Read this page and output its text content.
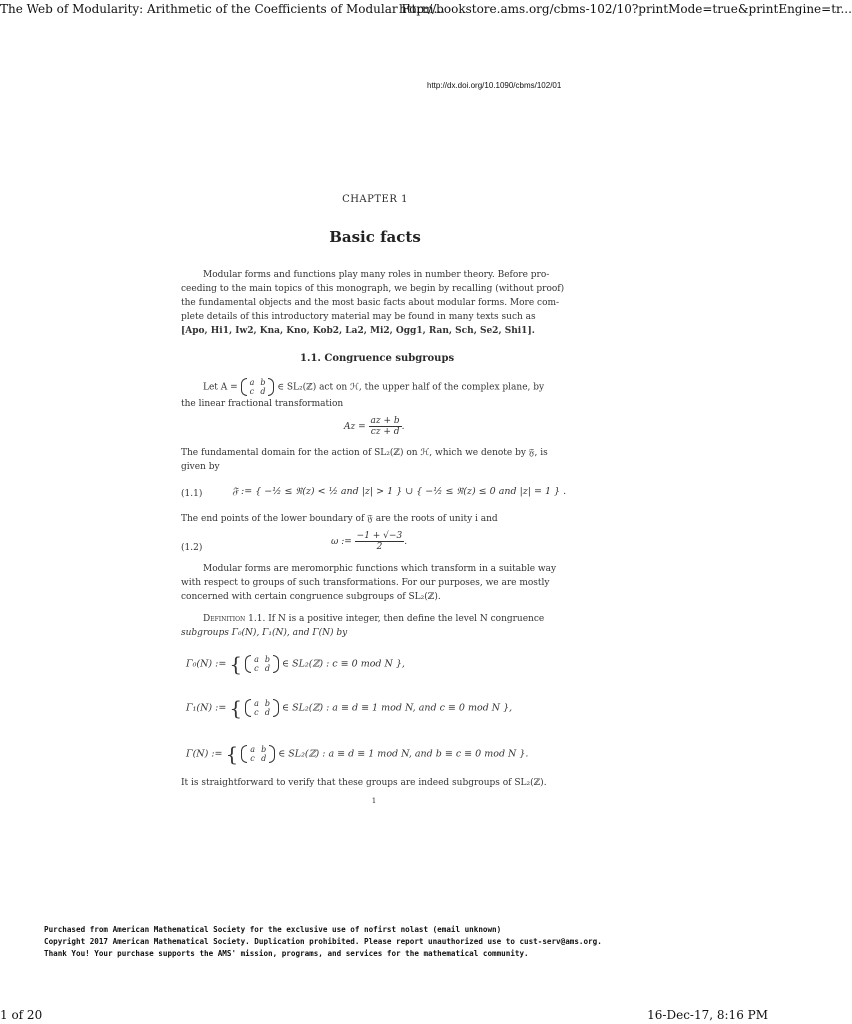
The Web of Modularity: Arithmetic of the Coefficients of Modular Form...
http://bookstore.ams.org/cbms-102/10?printMode=true&printEngine=tr...
http://dx.doi.org/10.1090/cbms/102/01
CHAPTER 1
Basic facts
Modular forms and functions play many roles in number theory. Before pro-
ceeding to the main topics of this monograph, we begin by recalling (without proof)
the fundamental objects and the most basic facts about modular forms. More com-
plete details of this introductory material may be found in many texts such as
[Apo, Hi1, Iw2, Kna, Kno, Kob2, La2, Mi2, Ogg1, Ran, Sch, Se2, Shi1].
1.1. Congruence subgroups
Let A = a	b
c	d ∈ SL₂(ℤ) act on ℋ, the upper half of the complex plane, by
the linear fractional transformation
$Az = \frac{az + b}{cz + d}$ .
The fundamental domain for the action of SL₂(ℤ) on ℋ, which we denote by 𝔉, is
given by
(1.1)	𝔉 := { −½ ≤ ℜ(z) < ½ and |z| > 1 } ∪ { −½ ≤ ℜ(z) ≤ 0 and |z| = 1 } .
The end points of the lower boundary of 𝔉 are the roots of unity i and
(1.2)
ω := $\frac{-1 + √-3}{2}$ .
Modular forms are meromorphic functions which transform in a suitable way
with respect to groups of such transformations. For our purposes, we are mostly
concerned with certain congruence subgroups of SL₂(ℤ).
Definition 1.1. If N is a positive integer, then define the level N congruence
subgroups Γ₀(N), Γ₁(N), and Γ(N) by
Γ₀(N) := { a	b
c	d ∈ SL₂(ℤ) : c ≡ 0 mod N },
Γ₁(N) := { a	b
c	d ∈ SL₂(ℤ) : a ≡ d ≡ 1 mod N, and c ≡ 0 mod N },
Γ(N) := { a	b
c	d ∈ SL₂(ℤ) : a ≡ d ≡ 1 mod N, and b ≡ c ≡ 0 mod N }.
It is straightforward to verify that these groups are indeed subgroups of SL₂(ℤ).
1
Purchased from American Mathematical Society for the exclusive use of nofirst nolast (email unknown)
Copyright 2017 American Mathematical Society. Duplication prohibited. Please report unauthorized use to cust-serv@ams.org.
Thank You! Your purchase supports the AMS' mission, programs, and services for the mathematical community.
1 of 20	16-Dec-17, 8:16 PM
